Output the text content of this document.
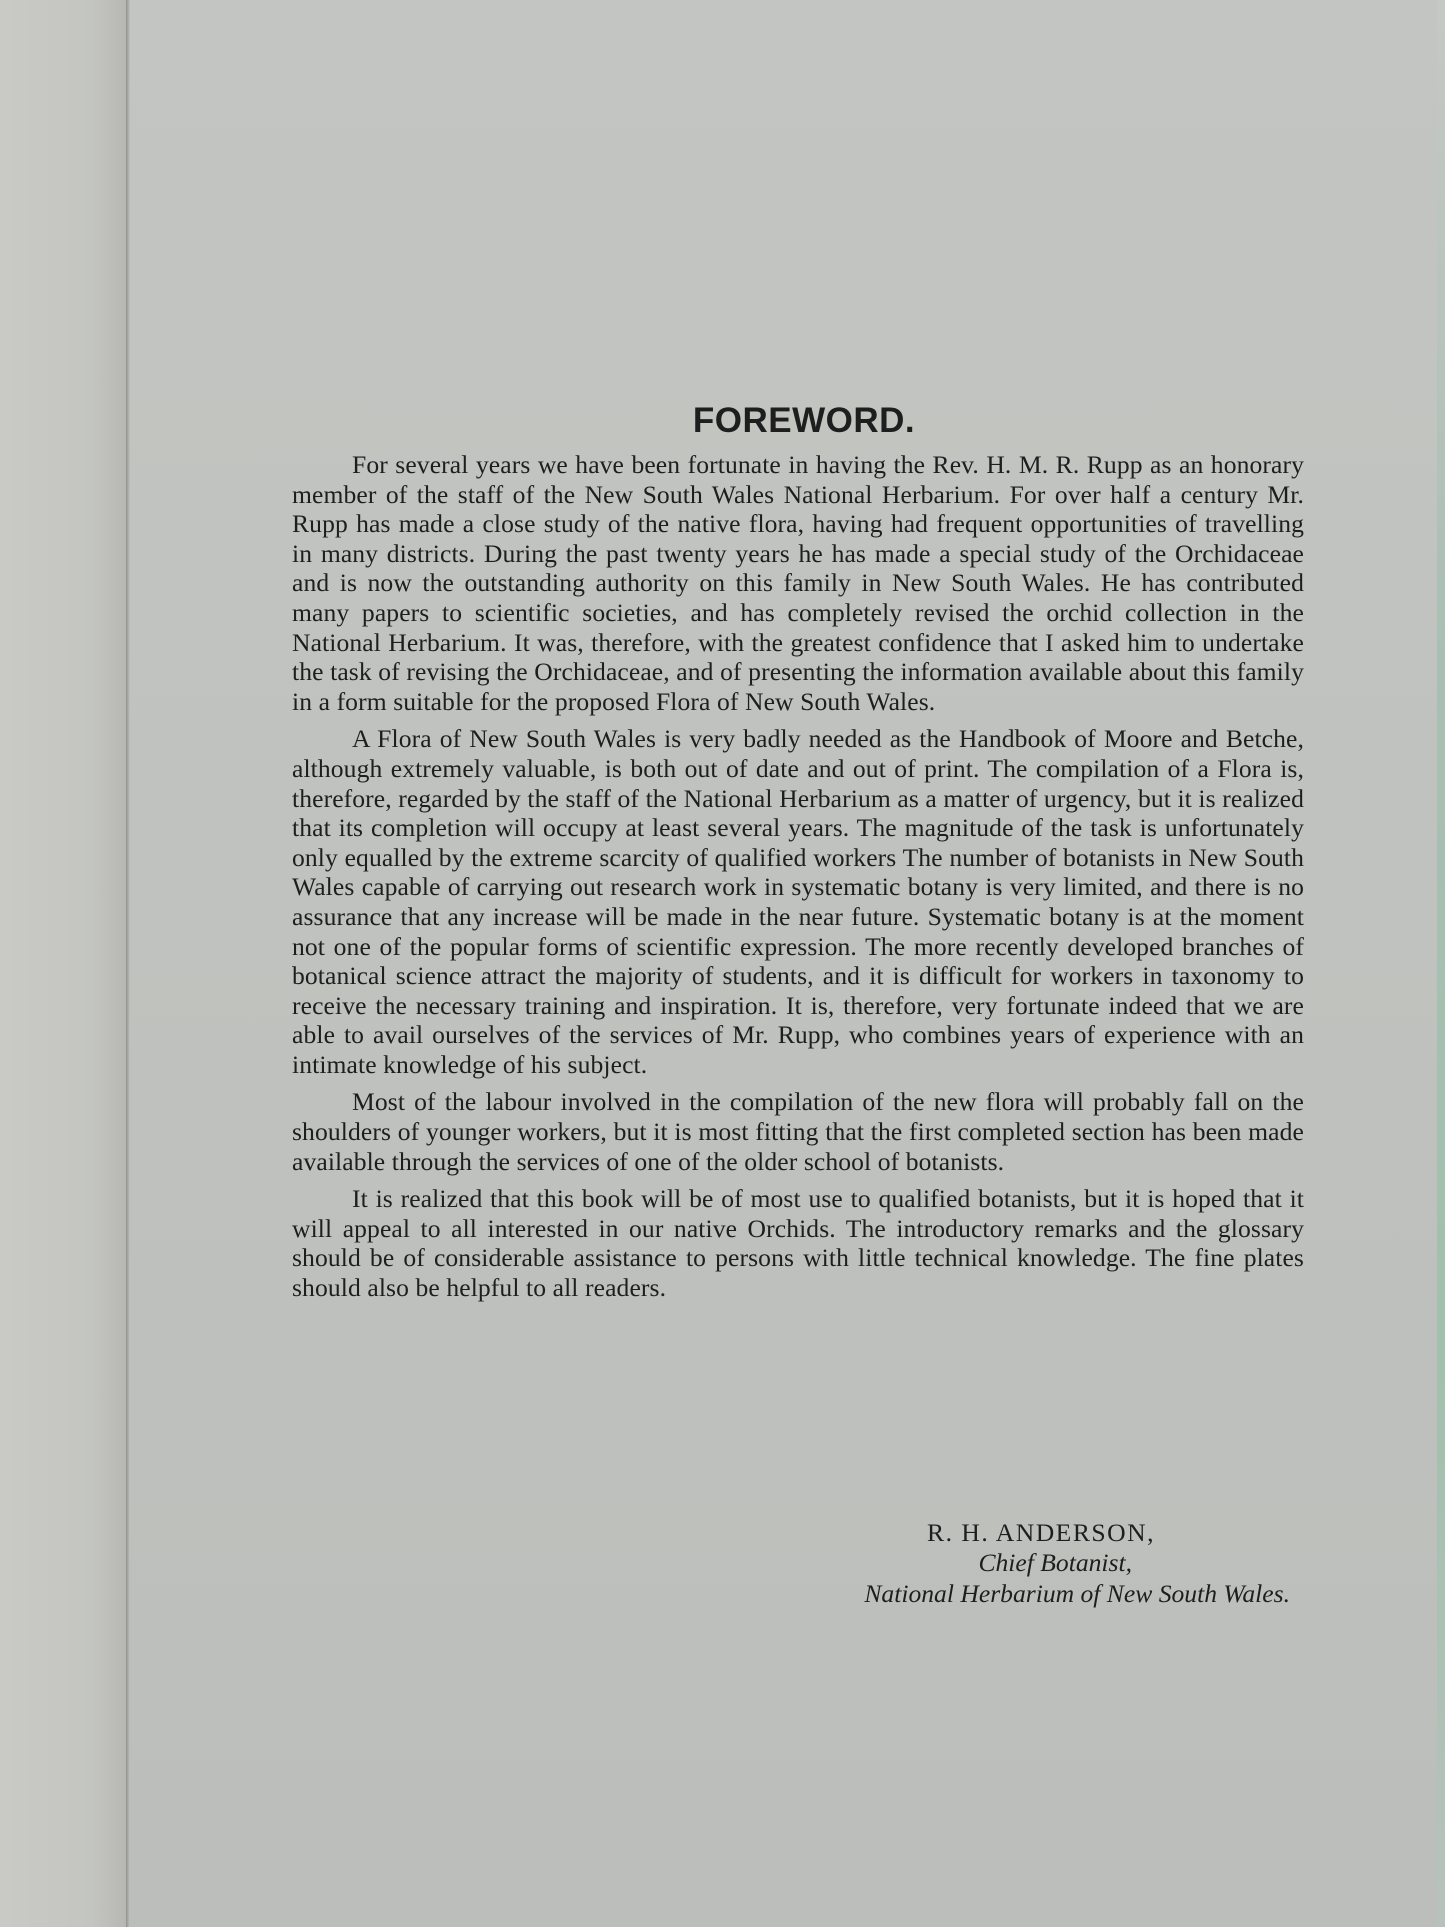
FOREWORD.

For several years we have been fortunate in having the Rev. H. M. R. Rupp as an honorary member of the staff of the New South Wales National Herbarium. For over half a century Mr. Rupp has made a close study of the native flora, having had frequent opportunities of travelling in many districts. During the past twenty years he has made a special study of the Orchidaceae and is now the outstanding authority on this family in New South Wales. He has contributed many papers to scientific societies, and has completely revised the orchid collection in the National Herbarium. It was, therefore, with the greatest confidence that I asked him to undertake the task of revising the Orchidaceae, and of presenting the information available about this family in a form suitable for the proposed Flora of New South Wales.

A Flora of New South Wales is very badly needed as the Handbook of Moore and Betche, although extremely valuable, is both out of date and out of print. The compilation of a Flora is, therefore, regarded by the staff of the National Herbarium as a matter of urgency, but it is realized that its completion will occupy at least several years. The magnitude of the task is unfortunately only equalled by the extreme scarcity of qualified workers The number of botanists in New South Wales capable of carrying out research work in systematic botany is very limited, and there is no assurance that any increase will be made in the near future. Systematic botany is at the moment not one of the popular forms of scientific expression. The more recently developed branches of botanical science attract the majority of students, and it is difficult for workers in taxonomy to receive the necessary training and inspiration. It is, therefore, very fortunate indeed that we are able to avail ourselves of the services of Mr. Rupp, who combines years of experience with an intimate knowledge of his subject.

Most of the labour involved in the compilation of the new flora will probably fall on the shoulders of younger workers, but it is most fitting that the first completed section has been made available through the services of one of the older school of botanists.

It is realized that this book will be of most use to qualified botanists, but it is hoped that it will appeal to all interested in our native Orchids. The introductory remarks and the glossary should be of considerable assistance to persons with little technical knowledge. The fine plates should also be helpful to all readers.

R. H. ANDERSON,
Chief Botanist,
National Herbarium of New South Wales.
